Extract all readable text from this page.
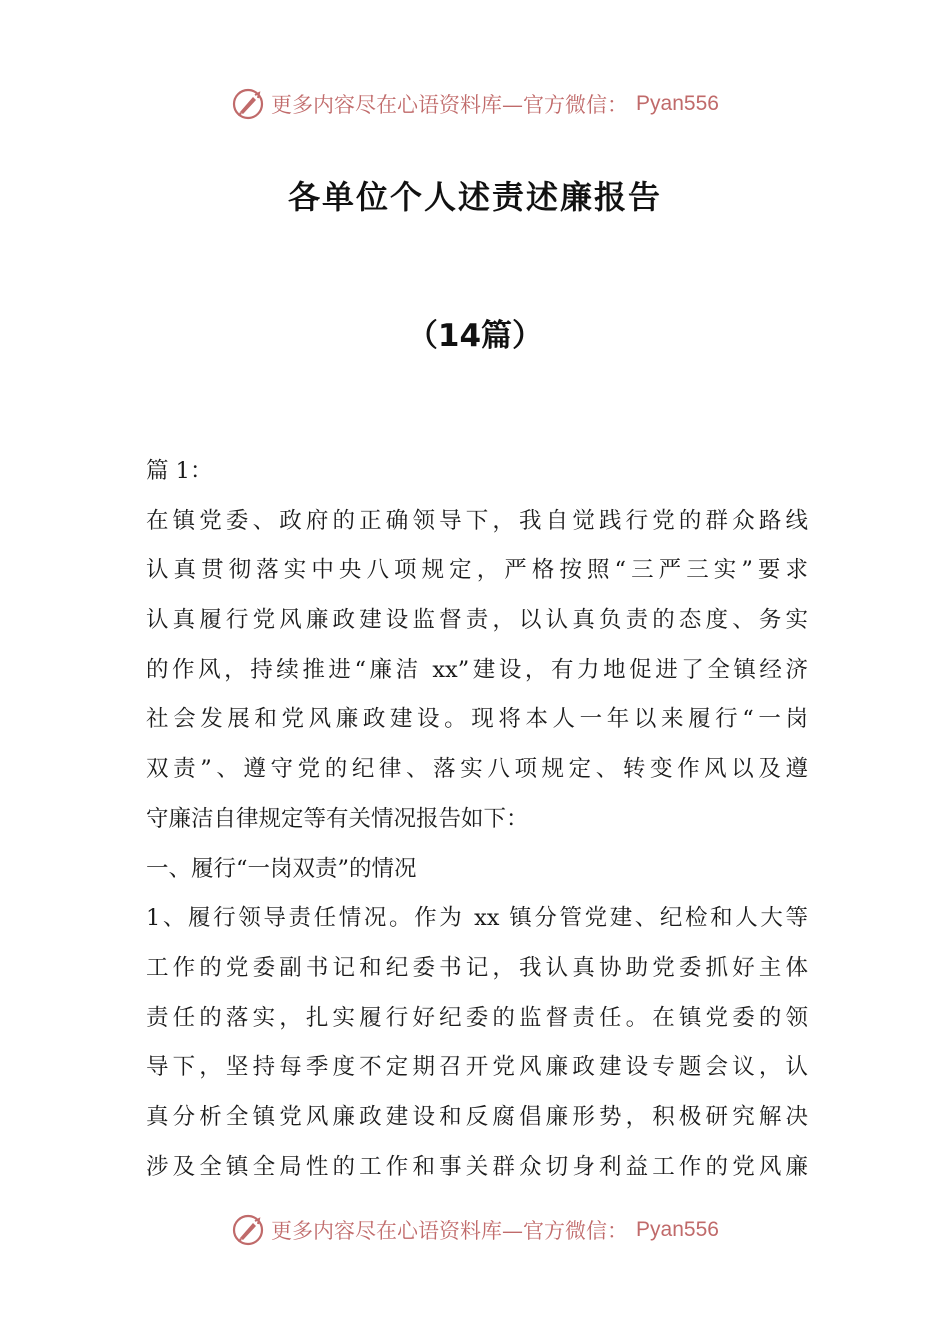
更多内容尽在心语资料库—官方微信： Pyan556
各单位个人述责述廉报告
（14篇）
篇 1：
在镇党委、政府的正确领导下，我自觉践行党的群众路线
认真贯彻落实中央八项规定，严格按照“三严三实”要求
认真履行党风廉政建设监督责，以认真负责的态度、务实
的作风，持续推进“廉洁 xx”建设，有力地促进了全镇经济
社会发展和党风廉政建设。现将本人一年以来履行“一岗
双责”、遵守党的纪律、落实八项规定、转变作风以及遵
守廉洁自律规定等有关情况报告如下：
一、履行“一岗双责”的情况
1、履行领导责任情况。作为 xx 镇分管党建、纪检和人大等
工作的党委副书记和纪委书记，我认真协助党委抓好主体
责任的落实，扎实履行好纪委的监督责任。在镇党委的领
导下，坚持每季度不定期召开党风廉政建设专题会议，认
真分析全镇党风廉政建设和反腐倡廉形势，积极研究解决
涉及全镇全局性的工作和事关群众切身利益工作的党风廉
更多内容尽在心语资料库—官方微信： Pyan556
